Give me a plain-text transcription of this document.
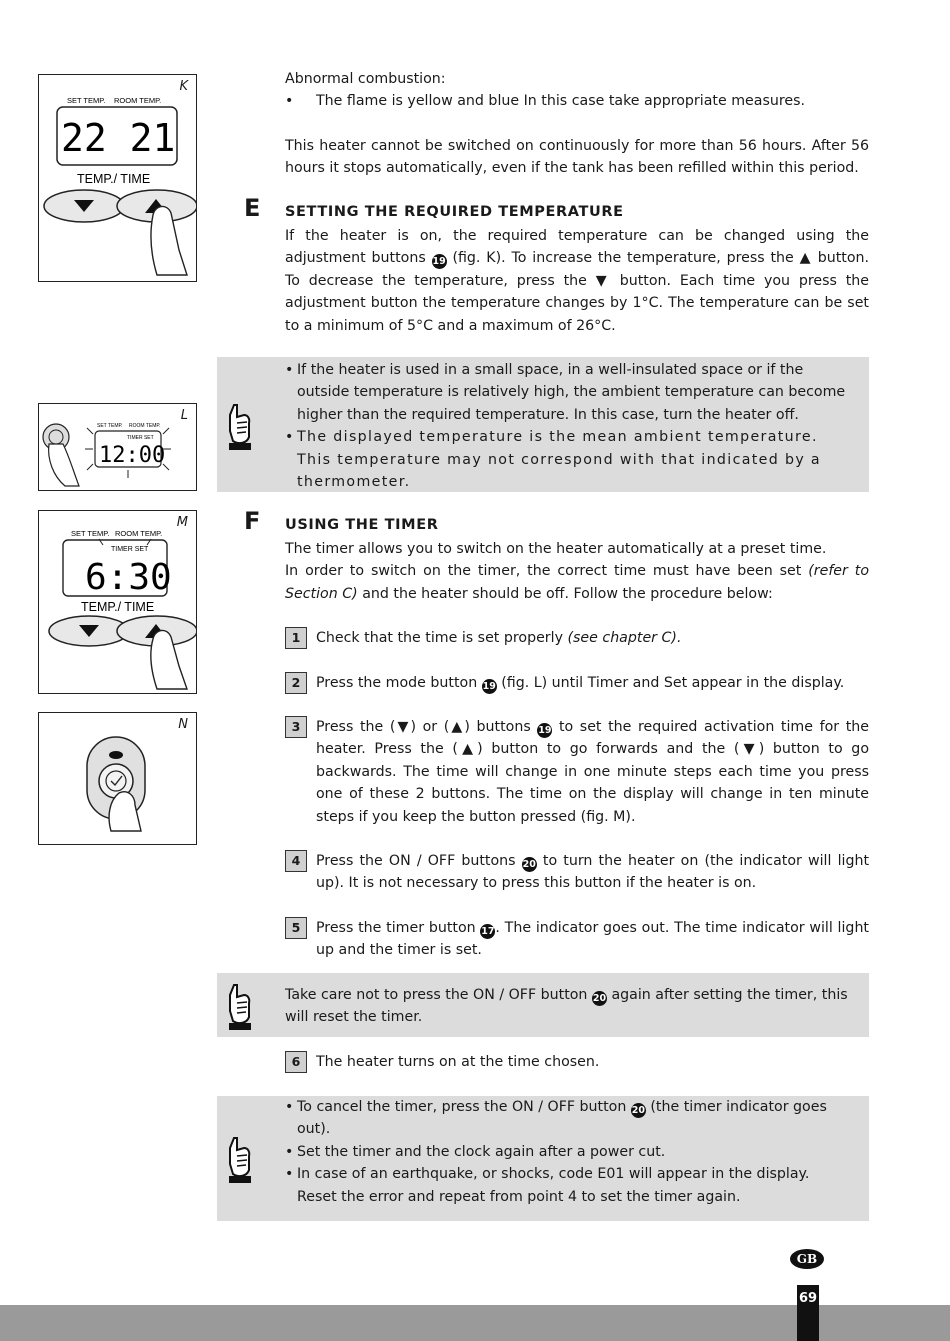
K
SET TEMP. ROOM TEMP.
22 21
TEMP./ TIME
L
SET TEMP. ROOM TEMP.
TIMER SET
12:00
M
SET TEMP. ROOM TEMP.
TIMER SET
6:30
TEMP./ TIME
N

Abnormal combustion:

• The flame is yellow and blue In this case take appropriate measures.

This heater cannot be switched on continuously for more than 56 hours. After 56 hours it stops automatically, even if the tank has been refilled within this period.

E SETTING THE REQUIRED TEMPERATURE
If the heater is on, the required temperature can be changed using the adjustment buttons 19 (fig. K). To increase the temperature, press the ▲ button. To decrease the temperature, press the ▼ button. Each time you press the adjustment button the temperature changes by 1°C. The temperature can be set to a minimum of 5°C and a maximum of 26°C.
• If the heater is used in a small space, in a well-insulated space or if the outside temperature is relatively high, the ambient temperature can become higher than the required temperature. In this case, turn the heater off.
• The displayed temperature is the mean ambient temperature. This temperature may not correspond with that indicated by a thermometer.
F USING THE TIMER

The timer allows you to switch on the heater automatically at a preset time.

In order to switch on the timer, the correct time must have been set (refer to Section C) and the heater should be off. Follow the procedure below:

1	Check that the time is set properly (see chapter C).
2	Press the mode button 19 (fig. L) until Timer and Set appear in the display.
3	Press the (▼) or (▲) buttons 19 to set the required activation time for the heater. Press the (▲) button to go forwards and the (▼) button to go backwards. The time will change in one minute steps each time you press one of these 2 buttons. The time on the display will change in ten minute steps if you keep the button pressed (fig. M).
4	Press the ON / OFF buttons 20 to turn the heater on (the indicator will light up). It is not necessary to press this button if the heater is on.
5	Press the timer button 17. The indicator goes out. The time indicator will light up and the timer is set.
Take care not to press the ON / OFF button 20 again after setting the timer, this will reset the timer.
6	The heater turns on at the time chosen.
• To cancel the timer, press the ON / OFF button 20 (the timer indicator goes out).
• Set the timer and the clock again after a power cut.
• In case of an earthquake, or shocks, code E01 will appear in the display. Reset the error and repeat from point 4 to set the timer again.
GB
69
